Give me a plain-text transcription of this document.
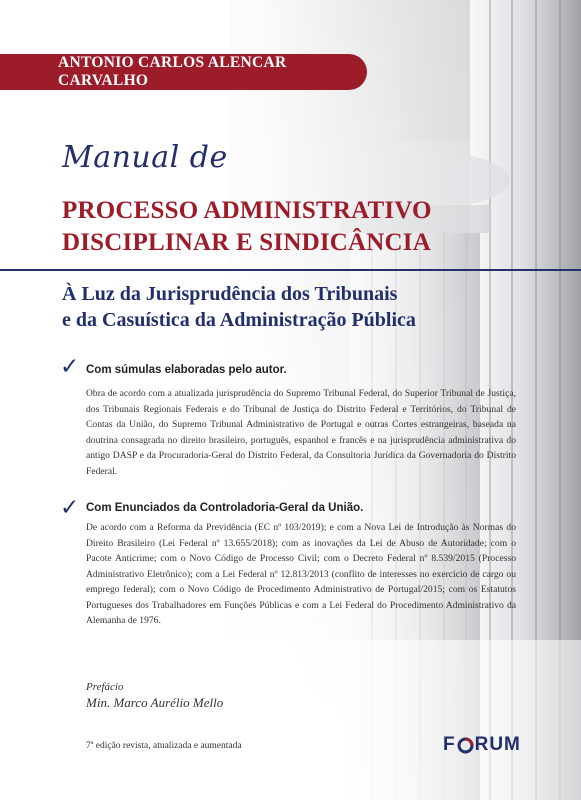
ANTONIO CARLOS ALENCAR CARVALHO
Manual de
PROCESSO ADMINISTRATIVO
DISCIPLINAR E SINDICÂNCIA
À Luz da Jurisprudência dos Tribunais
e da Casuística da Administração Pública
✓ Com súmulas elaboradas pelo autor.
Obra de acordo com a atualizada jurisprudência do Supremo Tribunal Federal, do Superior Tribunal de Justiça, dos Tribunais Regionais Federais e do Tribunal de Justiça do Distrito Federal e Territórios, do Tribunal de Contas da União, do Supremo Tribunal Administrativo de Portugal e outras Cortes estrangeiras, baseada na doutrina consagrada no direito brasileiro, português, espanhol e francês e na jurisprudência administrativa do antigo DASP e da Procuradoria-Geral do Distrito Federal, da Consultoria Jurídica da Governadoria do Distrito Federal.
✓ Com Enunciados da Controladoria-Geral da União.
De acordo com a Reforma da Previdência (EC nº 103/2019); e com a Nova Lei de Introdução às Normas do Direito Brasileiro (Lei Federal nº 13.655/2018); com as inovações da Lei de Abuso de Autoridade; com o Pacote Anticrime; com o Novo Código de Processo Civil; com o Decreto Federal nº 8.539/2015 (Processo Administrativo Eletrônico); com a Lei Federal nº 12.813/2013 (conflito de interesses no exercício de cargo ou emprego federal); com o Novo Código de Procedimento Administrativo de Portugal/2015; com os Estatutos Portugueses dos Trabalhadores em Funções Públicas e com a Lei Federal do Procedimento Administrativo da Alemanha de 1976.
Prefácio
Min. Marco Aurélio Mello
7ª edição revista, atualizada e aumentada	F RUM
